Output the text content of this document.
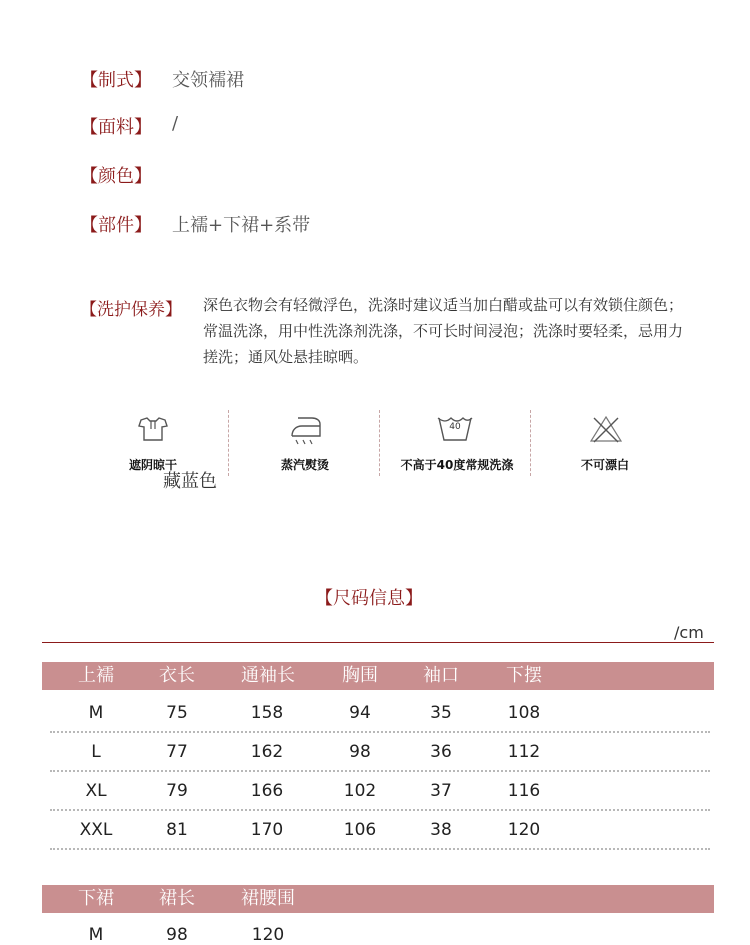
【制式】 交领襦裙
【面料】 /
【颜色】
【部件】 上襦+下裙+系带
【洗护保养】 深色衣物会有轻微浮色，洗涤时建议适当加白醋或盐可以有效锁住颜色；常温洗涤，用中性洗涤剂洗涤，不可长时间浸泡；洗涤时要轻柔，忌用力搓洗；通风处悬挂晾晒。
遮阴晾干	蒸汽熨烫
40
不高于40度常规洗涤	不可漂白
藏蓝色
【尺码信息】
/cm
上襦	衣长	通袖长	胸围	袖口	下摆
M	75	158	94	35	108
L	77	162	98	36	112
XL	79	166	102	37	116
XXL	81	170	106	38	120
下裙	裙长	裙腰围
M	98	120
